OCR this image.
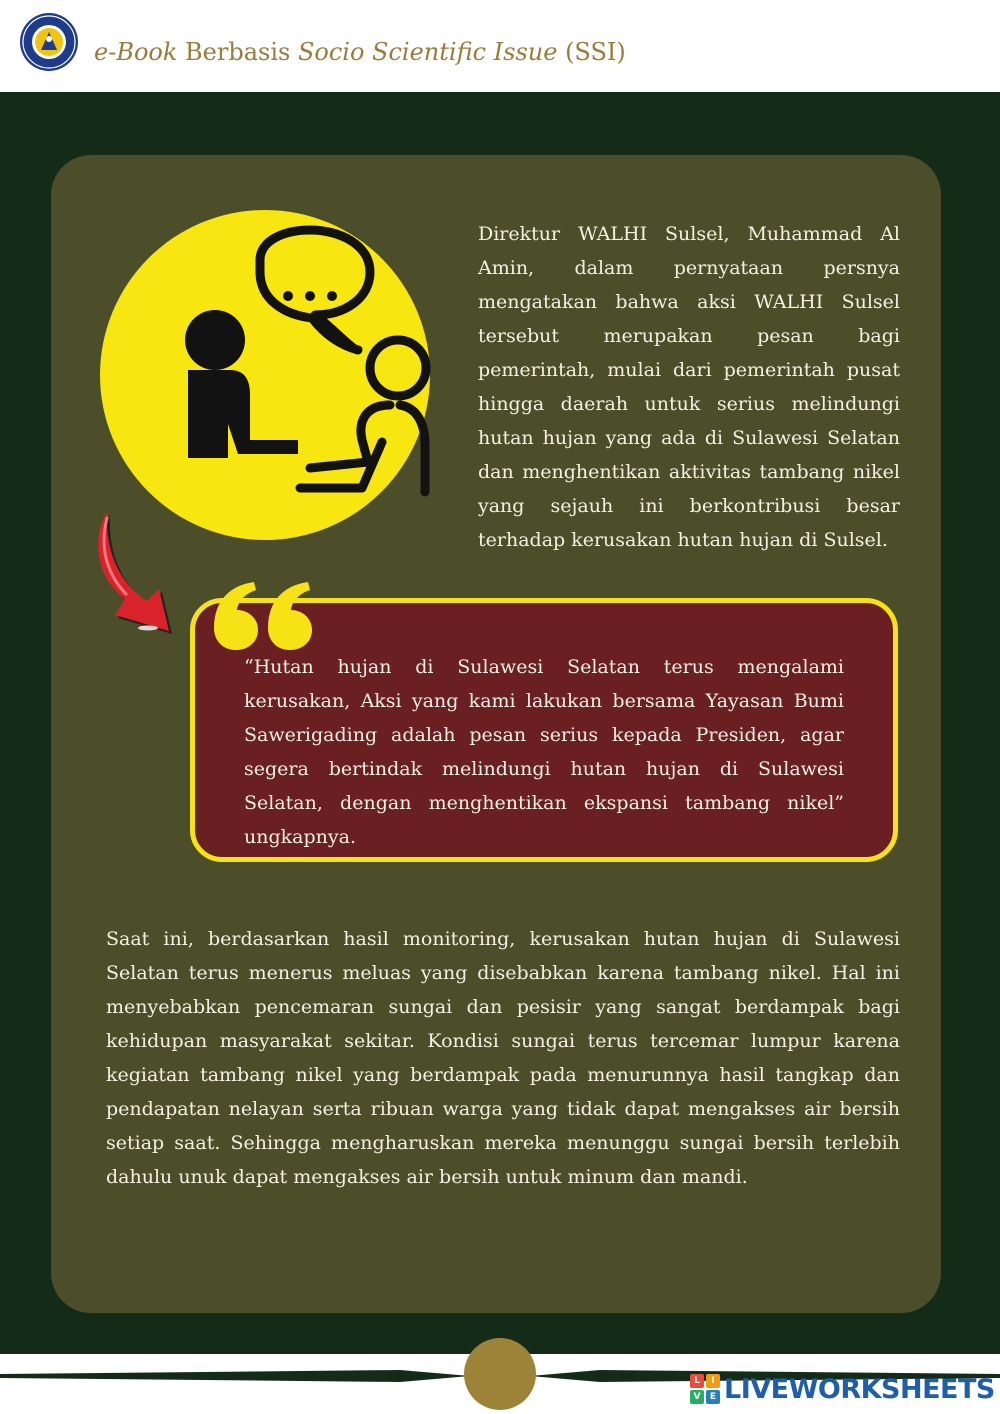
e-Book Berbasis Socio Scientific Issue (SSI)

Direktur WALHI Sulsel, Muhammad Al Amin, dalam pernyataan persnya mengatakan bahwa aksi WALHI Sulsel tersebut merupakan pesan bagi pemerintah, mulai dari pemerintah pusat hingga daerah untuk serius melindungi hutan hujan yang ada di Sulawesi Selatan dan menghentikan aktivitas tambang nikel yang sejauh ini berkontribusi besar terhadap kerusakan hutan hujan di Sulsel.

“Hutan hujan di Sulawesi Selatan terus mengalami kerusakan, Aksi yang kami lakukan bersama Yayasan Bumi Sawerigading adalah pesan serius kepada Presiden, agar segera bertindak melindungi hutan hujan di Sulawesi Selatan, dengan menghentikan ekspansi tambang nikel” ungkapnya.

Saat ini, berdasarkan hasil monitoring, kerusakan hutan hujan di Sulawesi Selatan terus menerus meluas yang disebabkan karena tambang nikel. Hal ini menyebabkan pencemaran sungai dan pesisir yang sangat berdampak bagi kehidupan masyarakat sekitar. Kondisi sungai terus tercemar lumpur karena kegiatan tambang nikel yang berdampak pada menurunnya hasil tangkap dan pendapatan nelayan serta ribuan warga yang tidak dapat mengakses air bersih setiap saat. Sehingga mengharuskan mereka menunggu sungai bersih terlebih dahulu unuk dapat mengakses air bersih untuk minum dan mandi.

L	I
V	E LIVEWORKSHEETS
